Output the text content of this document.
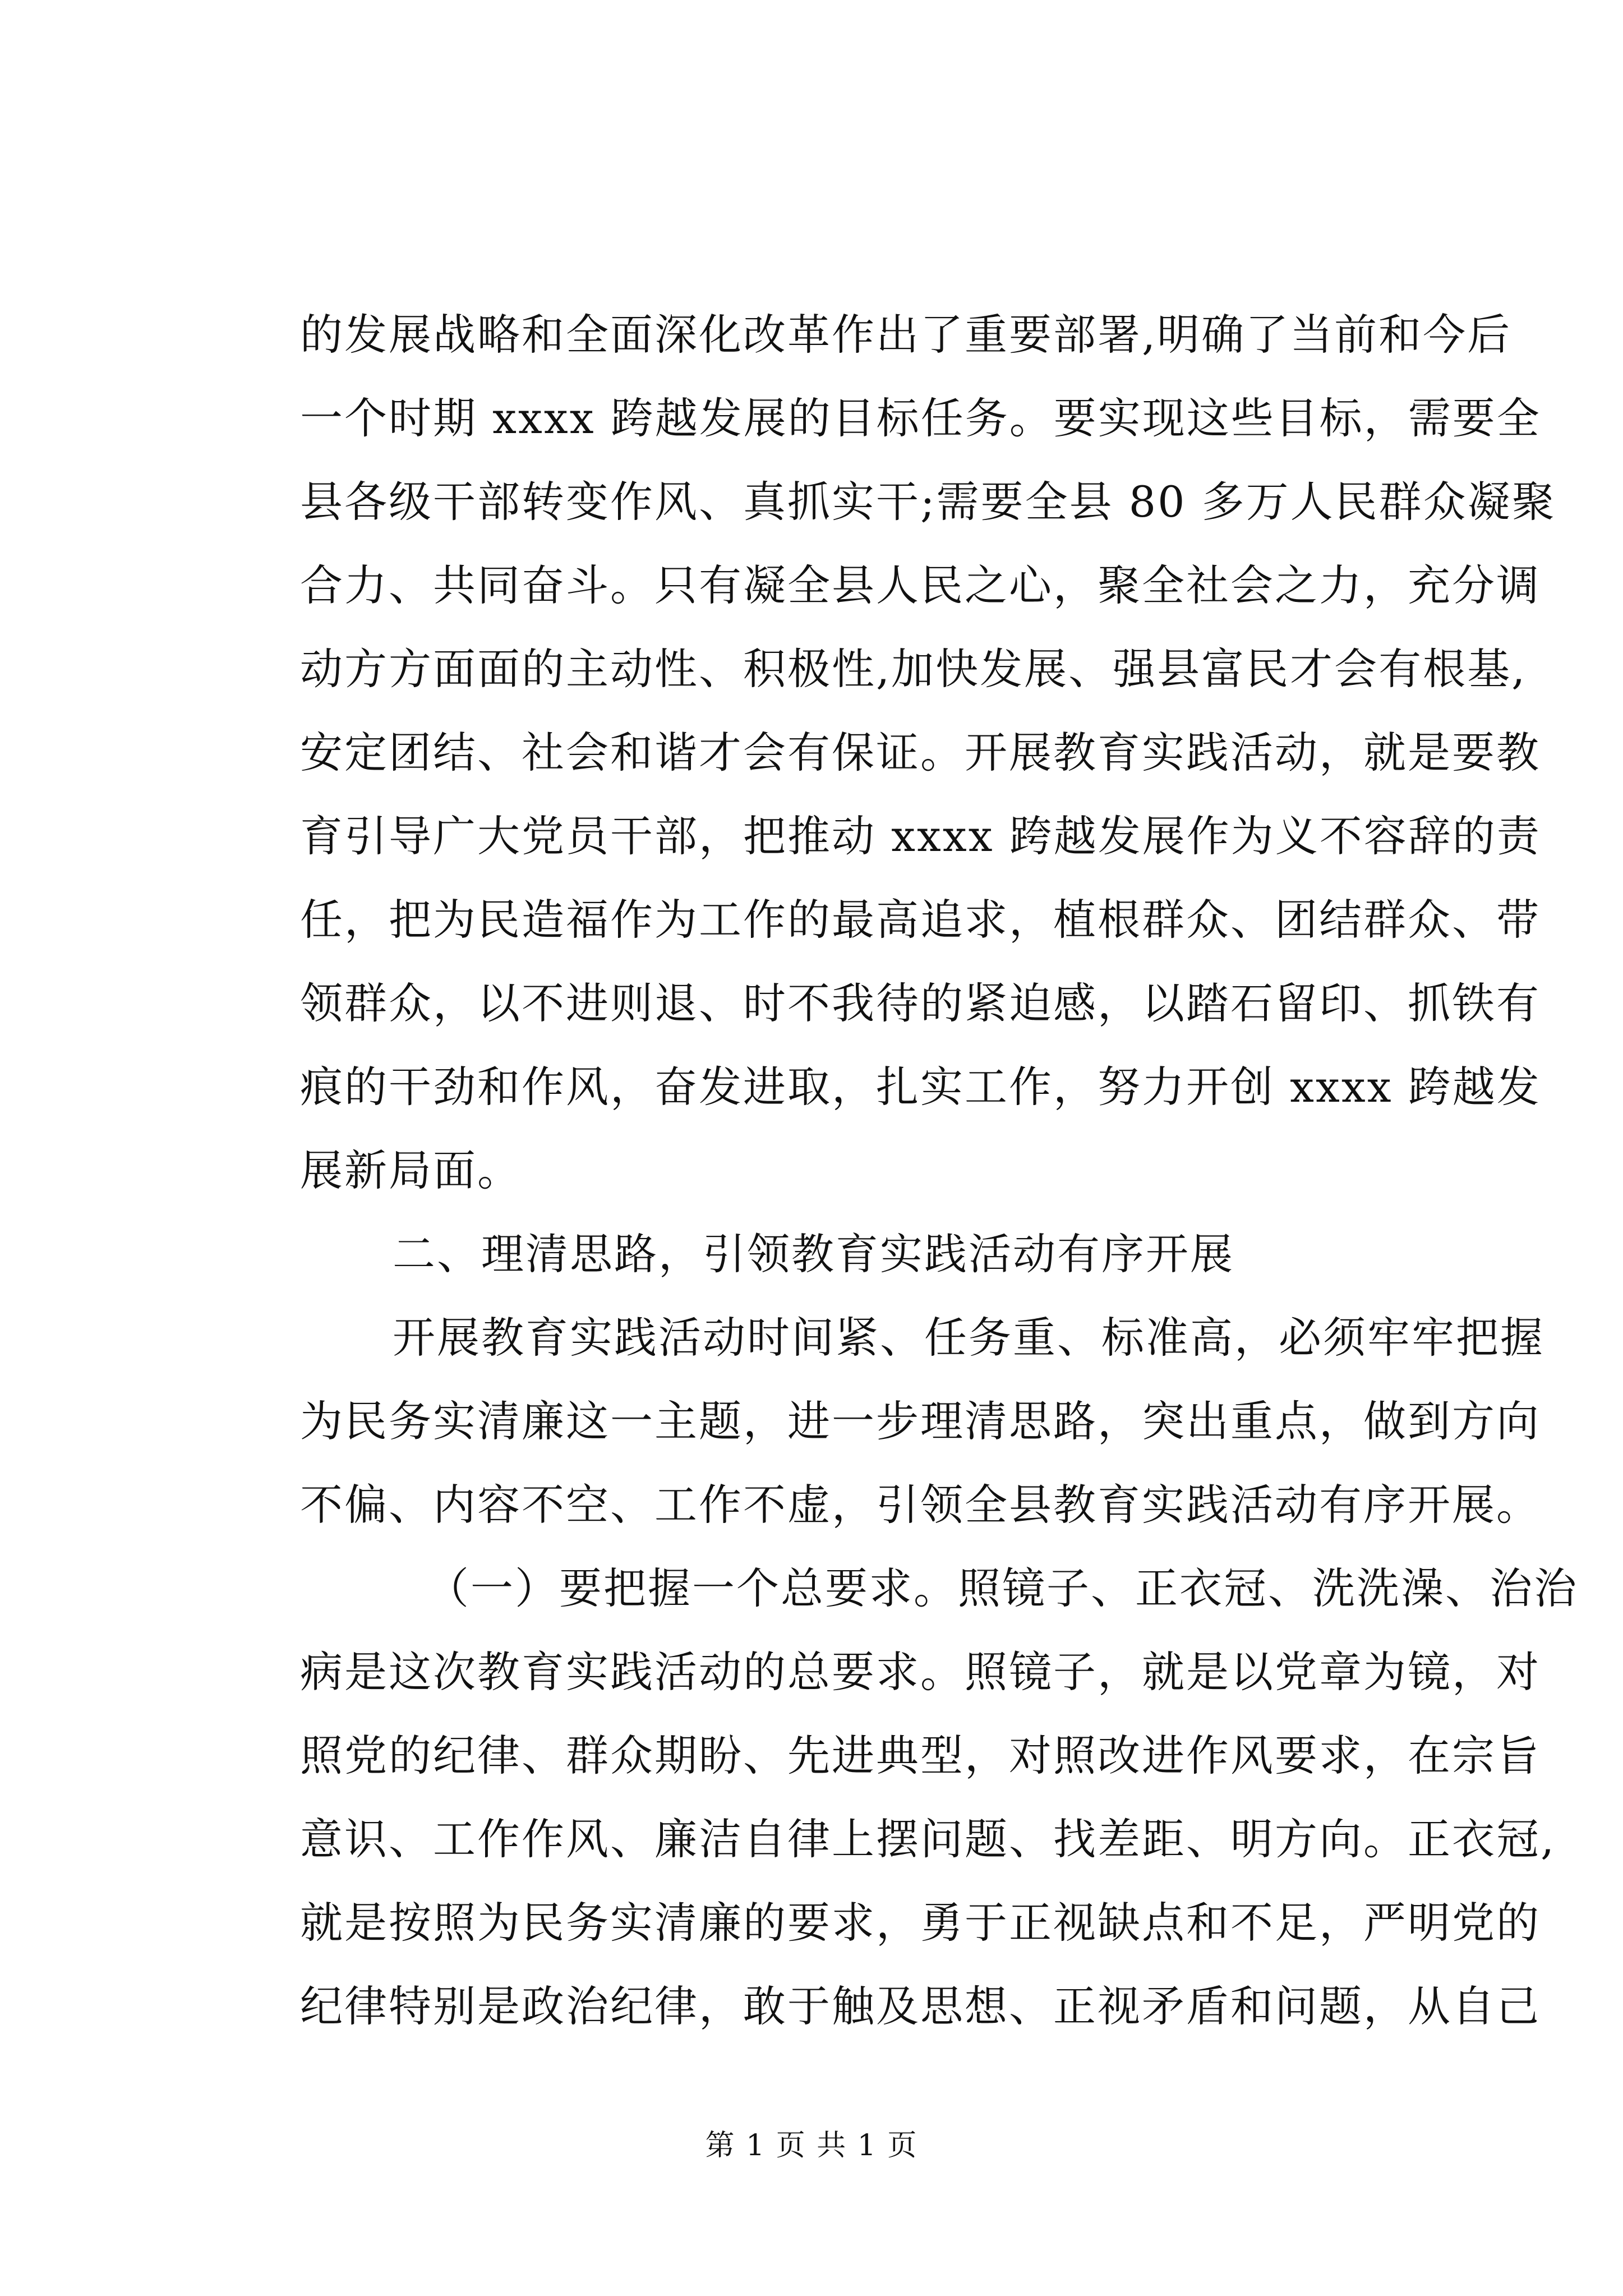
的发展战略和全面深化改革作出了重要部署,明确了当前和今后
一个时期 xxxx 跨越发展的目标任务。要实现这些目标，需要全
县各级干部转变作风、真抓实干;需要全县 80 多万人民群众凝聚
合力、共同奋斗。只有凝全县人民之心，聚全社会之力，充分调
动方方面面的主动性、积极性,加快发展、强县富民才会有根基,
安定团结、社会和谐才会有保证。开展教育实践活动，就是要教
育引导广大党员干部，把推动 xxxx 跨越发展作为义不容辞的责
任，把为民造福作为工作的最高追求，植根群众、团结群众、带
领群众，以不进则退、时不我待的紧迫感，以踏石留印、抓铁有
痕的干劲和作风，奋发进取，扎实工作，努力开创 xxxx 跨越发
展新局面。
二、理清思路，引领教育实践活动有序开展
开展教育实践活动时间紧、任务重、标准高，必须牢牢把握
为民务实清廉这一主题，进一步理清思路，突出重点，做到方向
不偏、内容不空、工作不虚，引领全县教育实践活动有序开展。
（一）要把握一个总要求。照镜子、正衣冠、洗洗澡、治治
病是这次教育实践活动的总要求。照镜子，就是以党章为镜，对
照党的纪律、群众期盼、先进典型，对照改进作风要求，在宗旨
意识、工作作风、廉洁自律上摆问题、找差距、明方向。正衣冠,
就是按照为民务实清廉的要求，勇于正视缺点和不足，严明党的
纪律特别是政治纪律，敢于触及思想、正视矛盾和问题，从自己
第 1 页 共 1 页
